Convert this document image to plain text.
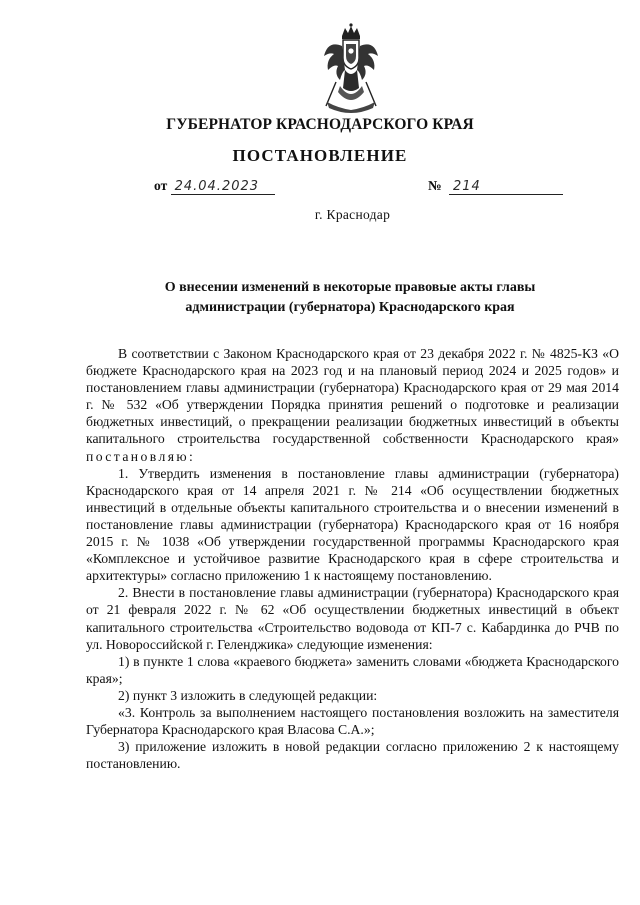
ГУБЕРНАТОР КРАСНОДАРСКОГО КРАЯ
ПОСТАНОВЛЕНИЕ
от 24.04.2023	№ 214
г. Краснодар
О внесении изменений в некоторые правовые акты главы
администрации (губернатора) Краснодарского края

В соответствии с Законом Краснодарского края от 23 декабря 2022 г. № 4825-КЗ «О бюджете Краснодарского края на 2023 год и на плановый период 2024 и 2025 годов» и постановлением главы администрации (губернатора) Краснодарского края от 29 мая 2014 г. № 532 «Об утверждении Порядка принятия решений о подготовке и реализации бюджетных инвестиций, о прекращении реализации бюджетных инвестиций в объекты капитального строительства государственной собственности Краснодарского края» постановляю:

1. Утвердить изменения в постановление главы администрации (губернатора) Краснодарского края от 14 апреля 2021 г. № 214 «Об осуществлении бюджетных инвестиций в отдельные объекты капитального строительства и о внесении изменений в постановление главы администрации (губернатора) Краснодарского края от 16 ноября 2015 г. № 1038 «Об утверждении государственной программы Краснодарского края «Комплексное и устойчивое развитие Краснодарского края в сфере строительства и архитектуры» согласно приложению 1 к настоящему постановлению.

2. Внести в постановление главы администрации (губернатора) Краснодарского края от 21 февраля 2022 г. № 62 «Об осуществлении бюджетных инвестиций в объект капитального строительства «Строительство водовода от КП-7 с. Кабардинка до РЧВ по ул. Новороссийской г. Геленджика» следующие изменения:

1) в пункте 1 слова «краевого бюджета» заменить словами «бюджета Краснодарского края»;

2) пункт 3 изложить в следующей редакции:

«3. Контроль за выполнением настоящего постановления возложить на заместителя Губернатора Краснодарского края Власова С.А.»;

3) приложение изложить в новой редакции согласно приложению 2 к настоящему постановлению.
